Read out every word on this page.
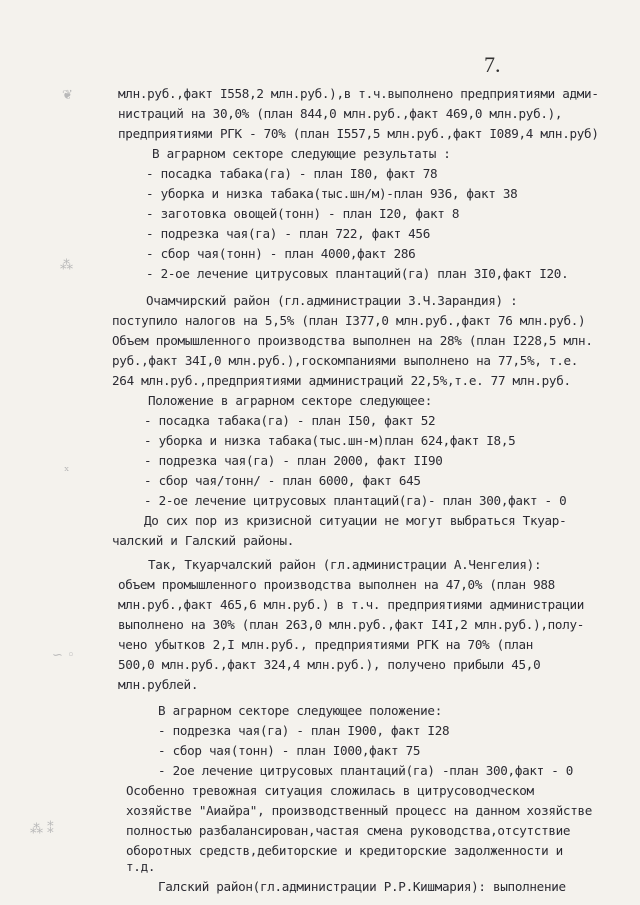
7.
млн.руб.,факт I558,2 млн.руб.),в т.ч.выполнено предприятиями адми-
нистраций на 30,0% (план 844,0 млн.руб.,факт 469,0 млн.руб.),
предприятиями РГК - 70% (план I557,5 млн.руб.,факт I089,4 млн.руб)
В аграрном секторе следующие результаты :
- посадка табака(га) - план I80, факт 78
- уборка и низка табака(тыс.шн/м)-план 936, факт 38
- заготовка овощей(тонн) - план I20, факт 8
- подрезка чая(га) - план 722, факт 456
- сбор чая(тонн) - план 4000,факт 286
- 2-ое лечение цитрусовых плантаций(га) план 3I0,факт I20.
Очамчирский район (гл.администрации З.Ч.Зарандия) :
поступило налогов на 5,5% (план I377,0 млн.руб.,факт 76 млн.руб.)
Объем промышленного производства выполнен на 28% (план I228,5 млн.
руб.,факт 34I,0 млн.руб.),госкомпаниями выполнено на 77,5%, т.е.
264 млн.руб.,предприятиями администраций 22,5%,т.е. 77 млн.руб.
Положение в аграрном секторе следующее:
- посадка табака(га) - план I50, факт 52
- уборка и низка табака(тыс.шн-м)план 624,факт I8,5
- подрезка чая(га) - план 2000, факт II90
- сбор чая/тонн/ - план 6000, факт 645
- 2-ое лечение цитрусовых плантаций(га)- план 300,факт - 0
До сих пор из кризисной ситуации не могут выбраться Ткуар-
чалский и Галский районы.
Так, Ткуарчалский район (гл.администрации А.Ченгелия):
объем промышленного производства выполнен на 47,0% (план 988
млн.руб.,факт 465,6 млн.руб.) в т.ч. предприятиями администрации
выполнено на 30% (план 263,0 млн.руб.,факт I4I,2 млн.руб.),полу-
чено убытков 2,I млн.руб., предприятиями РГК на 70% (план
500,0 млн.руб.,факт 324,4 млн.руб.), получено прибыли 45,0
млн.рублей.
В аграрном секторе следующее положение:
- подрезка чая(га) - план I900, факт I28
- сбор чая(тонн) - план I000,факт 75
- 2ое лечение цитрусовых плантаций(га) -план 300,факт - 0
Особенно тревожная ситуация сложилась в цитрусоводческом
хозяйстве "Аиайра", производственный процесс на данном хозяйстве
полностью разбалансирован,частая смена руководства,отсутствие
оборотных средств,дебиторские и кредиторские задолженности и
т.д.
Галский район(гл.администрации Р.Р.Кишмария): выполнение
❦
⁂
ₓ
∽ ◦
⁂ ⁑
